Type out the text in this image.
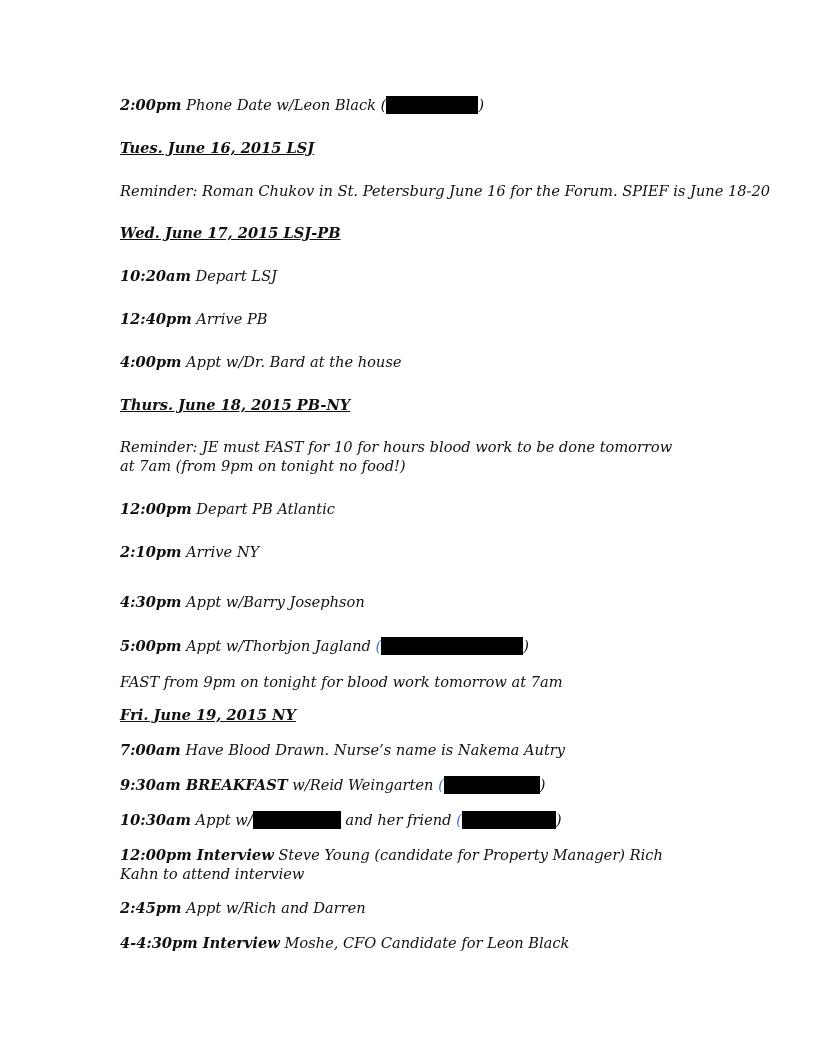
2:00pm Phone Date w/Leon Black (	)
Tues. June 16, 2015 LSJ
Reminder: Roman Chukov in St. Petersburg June 16 for the Forum. SPIEF is June 18-20
Wed. June 17, 2015 LSJ-PB
10:20am Depart LSJ
12:40pm Arrive PB
4:00pm Appt w/Dr. Bard at the house
Thurs. June 18, 2015 PB-NY
Reminder: JE must FAST for 10 for hours blood work to be done tomorrow at 7am (from 9pm on tonight no food!)
12:00pm Depart PB Atlantic
2:10pm Arrive NY
4:30pm Appt w/Barry Josephson
5:00pm Appt w/Thorbjon Jagland (	)
FAST from 9pm on tonight for blood work tomorrow at 7am
Fri. June 19, 2015 NY
7:00am Have Blood Drawn. Nurse’s name is Nakema Autry
9:30am BREAKFAST w/Reid Weingarten (	)
10:30am Appt w/	and her friend (	)
12:00pm Interview Steve Young (candidate for Property Manager) Rich Kahn to attend interview
2:45pm Appt w/Rich and Darren
4-4:30pm Interview Moshe, CFO Candidate for Leon Black
